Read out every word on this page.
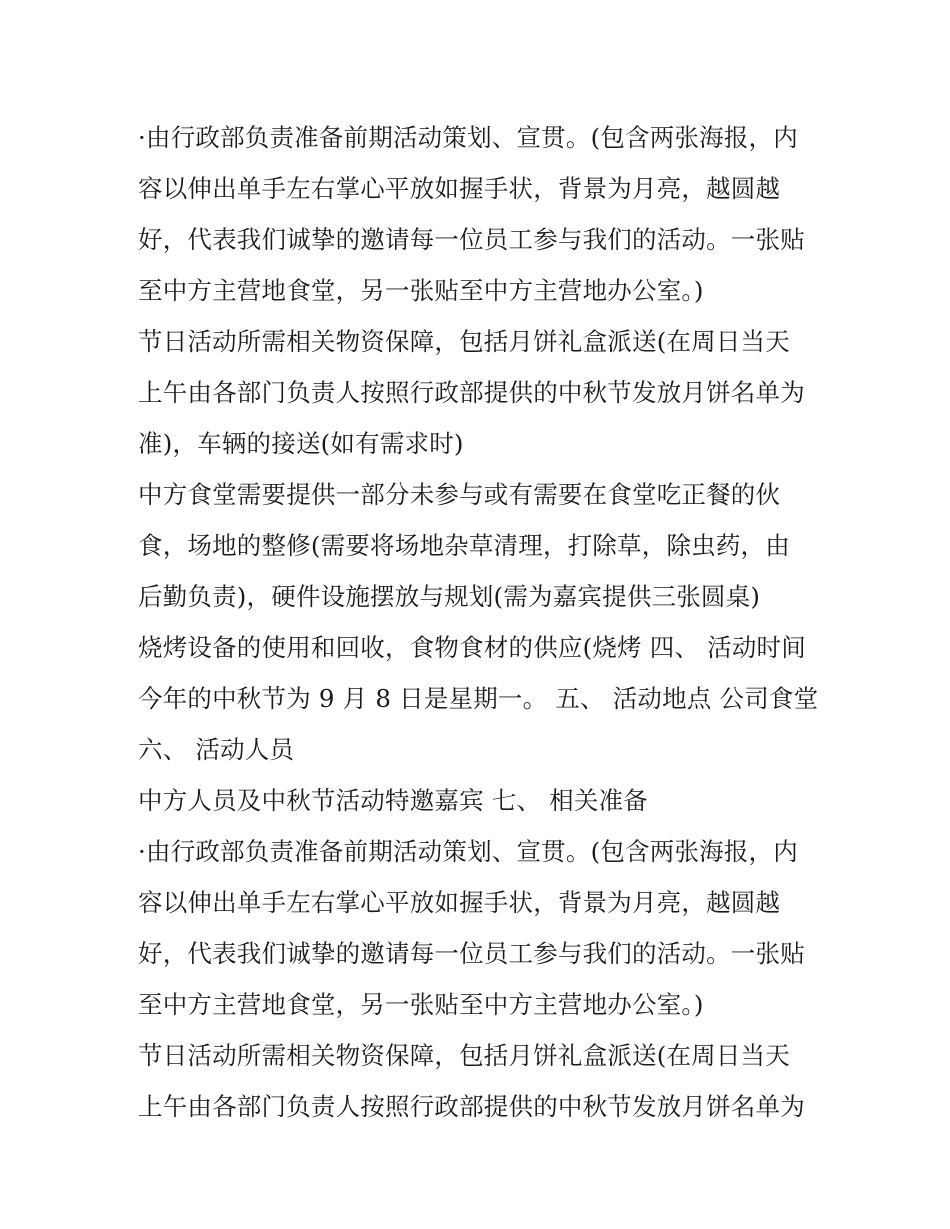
·由行政部负责准备前期活动策划、宣贯。(包含两张海报，内
容以伸出单手左右掌心平放如握手状，背景为月亮，越圆越
好，代表我们诚挚的邀请每一位员工参与我们的活动。一张贴
至中方主营地食堂，另一张贴至中方主营地办公室。)
节日活动所需相关物资保障，包括月饼礼盒派送(在周日当天
上午由各部门负责人按照行政部提供的中秋节发放月饼名单为
准)，车辆的接送(如有需求时)
中方食堂需要提供一部分未参与或有需要在食堂吃正餐的伙
食，场地的整修(需要将场地杂草清理，打除草，除虫药，由
后勤负责)，硬件设施摆放与规划(需为嘉宾提供三张圆桌)
烧烤设备的使用和回收，食物食材的供应(烧烤 四、 活动时间
今年的中秋节为 9 月 8 日是星期一。 五、 活动地点 公司食堂
六、 活动人员
中方人员及中秋节活动特邀嘉宾 七、 相关准备
·由行政部负责准备前期活动策划、宣贯。(包含两张海报，内
容以伸出单手左右掌心平放如握手状，背景为月亮，越圆越
好，代表我们诚挚的邀请每一位员工参与我们的活动。一张贴
至中方主营地食堂，另一张贴至中方主营地办公室。)
节日活动所需相关物资保障，包括月饼礼盒派送(在周日当天
上午由各部门负责人按照行政部提供的中秋节发放月饼名单为
